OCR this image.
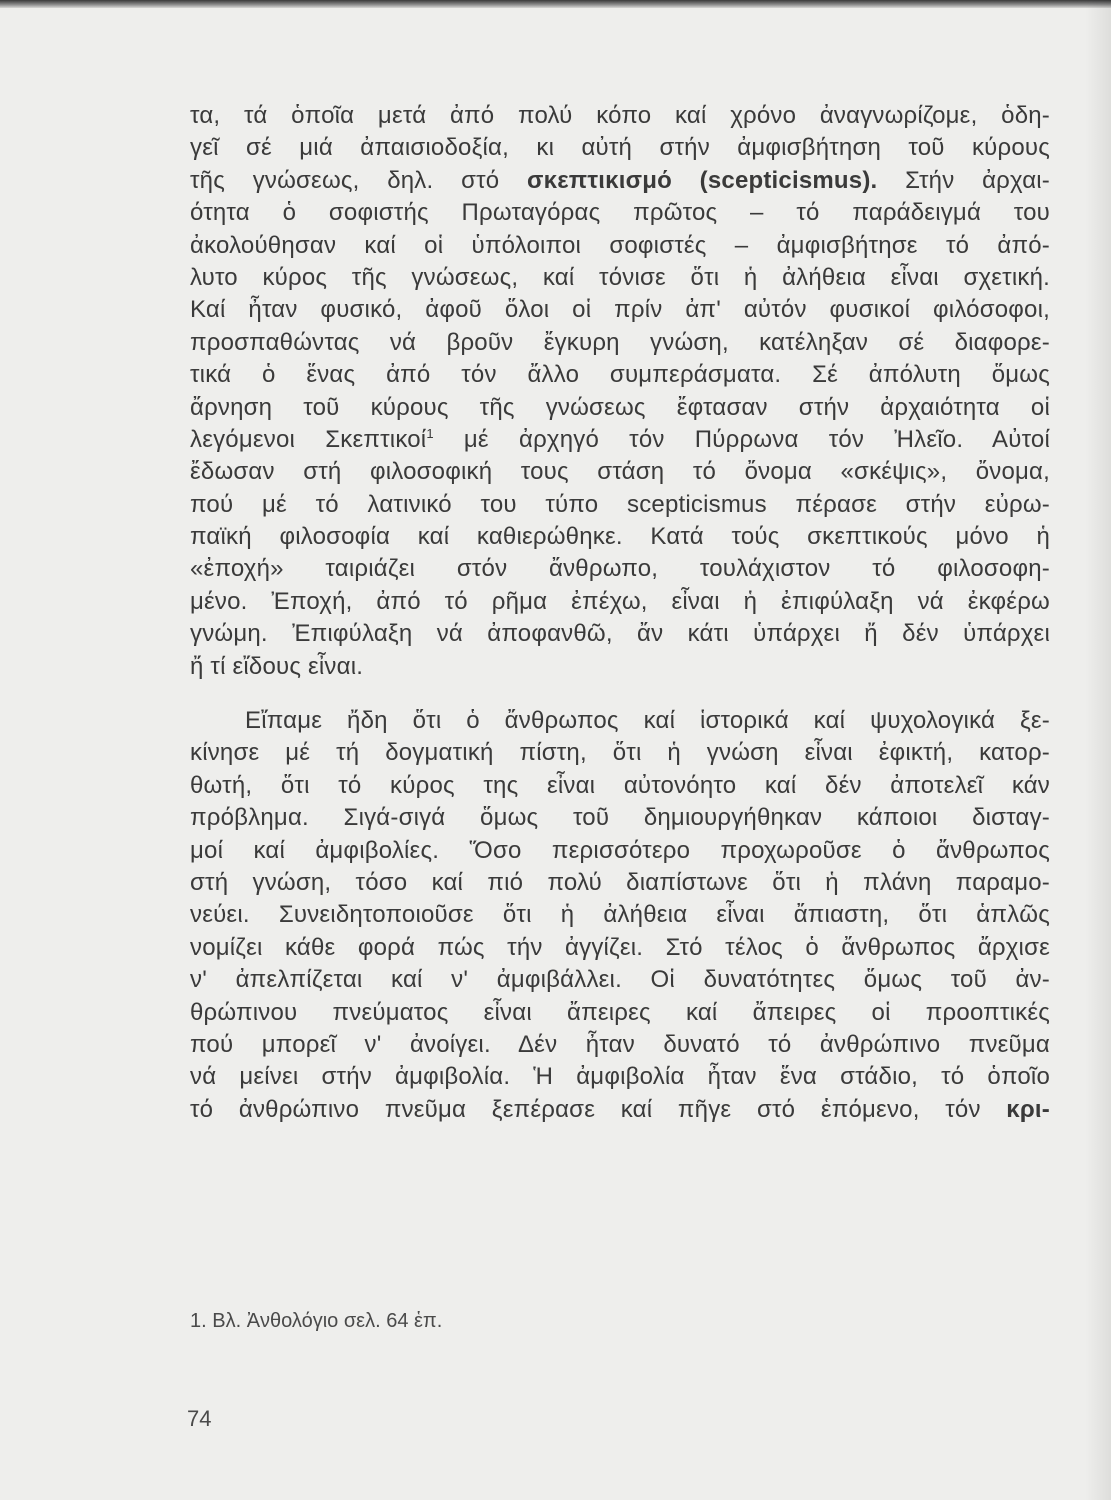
τα, τά ὁποῖα μετά ἀπό πολύ κόπο καί χρόνο ἀναγνωρίζομε, ὁδη-
γεῖ σέ μιά ἀπαισιοδοξία, κι αὐτή στήν ἀμφισβήτηση τοῦ κύρους
τῆς γνώσεως, δηλ. στό σκεπτικισμό (scepticismus). Στήν ἀρχαι-
ότητα ὁ σοφιστής Πρωταγόρας πρῶτος – τό παράδειγμά του
ἀκολούθησαν καί οἱ ὑπόλοιποι σοφιστές – ἀμφισβήτησε τό ἀπό-
λυτο κύρος τῆς γνώσεως, καί τόνισε ὅτι ἡ ἀλήθεια εἶναι σχετική.
Καί ἦταν φυσικό, ἀφοῦ ὅλοι οἱ πρίν ἀπ' αὐτόν φυσικοί φιλόσοφοι,
προσπαθώντας νά βροῦν ἔγκυρη γνώση, κατέληξαν σέ διαφορε-
τικά ὁ ἕνας ἀπό τόν ἄλλο συμπεράσματα. Σέ ἀπόλυτη ὅμως
ἄρνηση τοῦ κύρους τῆς γνώσεως ἔφτασαν στήν ἀρχαιότητα οἱ
λεγόμενοι Σκεπτικοί$^1$ μέ ἀρχηγό τόν Πύρρωνα τόν Ἠλεῖο. Αὐτοί
ἔδωσαν στή φιλοσοφική τους στάση τό ὄνομα «σκέψις», ὄνομα,
πού μέ τό λατινικό του τύπο scepticismus πέρασε στήν εὐρω-
παϊκή φιλοσοφία καί καθιερώθηκε. Κατά τούς σκεπτικούς μόνο ἡ
«ἐποχή» ταιριάζει στόν ἄνθρωπο, τουλάχιστον τό φιλοσοφη-
μένο. Ἐποχή, ἀπό τό ρῆμα ἐπέχω, εἶναι ἡ ἐπιφύλαξη νά ἐκφέρω
γνώμη. Ἐπιφύλαξη νά ἀποφανθῶ, ἄν κάτι ὑπάρχει ἤ δέν ὑπάρχει
ἤ τί εἴδους εἶναι.
Εἴπαμε ἤδη ὅτι ὁ ἄνθρωπος καί ἱστορικά καί ψυχολογικά ξε-
κίνησε μέ τή δογματική πίστη, ὅτι ἡ γνώση εἶναι ἐφικτή, κατορ-
θωτή, ὅτι τό κύρος της εἶναι αὐτονόητο καί δέν ἀποτελεῖ κάν
πρόβλημα. Σιγά-σιγά ὅμως τοῦ δημιουργήθηκαν κάποιοι δισταγ-
μοί καί ἀμφιβολίες. Ὅσο περισσότερο προχωροῦσε ὁ ἄνθρωπος
στή γνώση, τόσο καί πιό πολύ διαπίστωνε ὅτι ἡ πλάνη παραμο-
νεύει. Συνειδητοποιοῦσε ὅτι ἡ ἀλήθεια εἶναι ἄπιαστη, ὅτι ἁπλῶς
νομίζει κάθε φορά πώς τήν ἀγγίζει. Στό τέλος ὁ ἄνθρωπος ἄρχισε
ν' ἀπελπίζεται καί ν' ἀμφιβάλλει. Οἱ δυνατότητες ὅμως τοῦ ἀν-
θρώπινου πνεύματος εἶναι ἄπειρες καί ἄπειρες οἱ προοπτικές
πού μπορεῖ ν' ἀνοίγει. Δέν ἦταν δυνατό τό ἀνθρώπινο πνεῦμα
νά μείνει στήν ἀμφιβολία. Ἡ ἀμφιβολία ἦταν ἕνα στάδιο, τό ὁποῖο
τό ἀνθρώπινο πνεῦμα ξεπέρασε καί πῆγε στό ἑπόμενο, τόν κρι-
1. Βλ. Ἀνθολόγιο σελ. 64 ἑπ.
74
